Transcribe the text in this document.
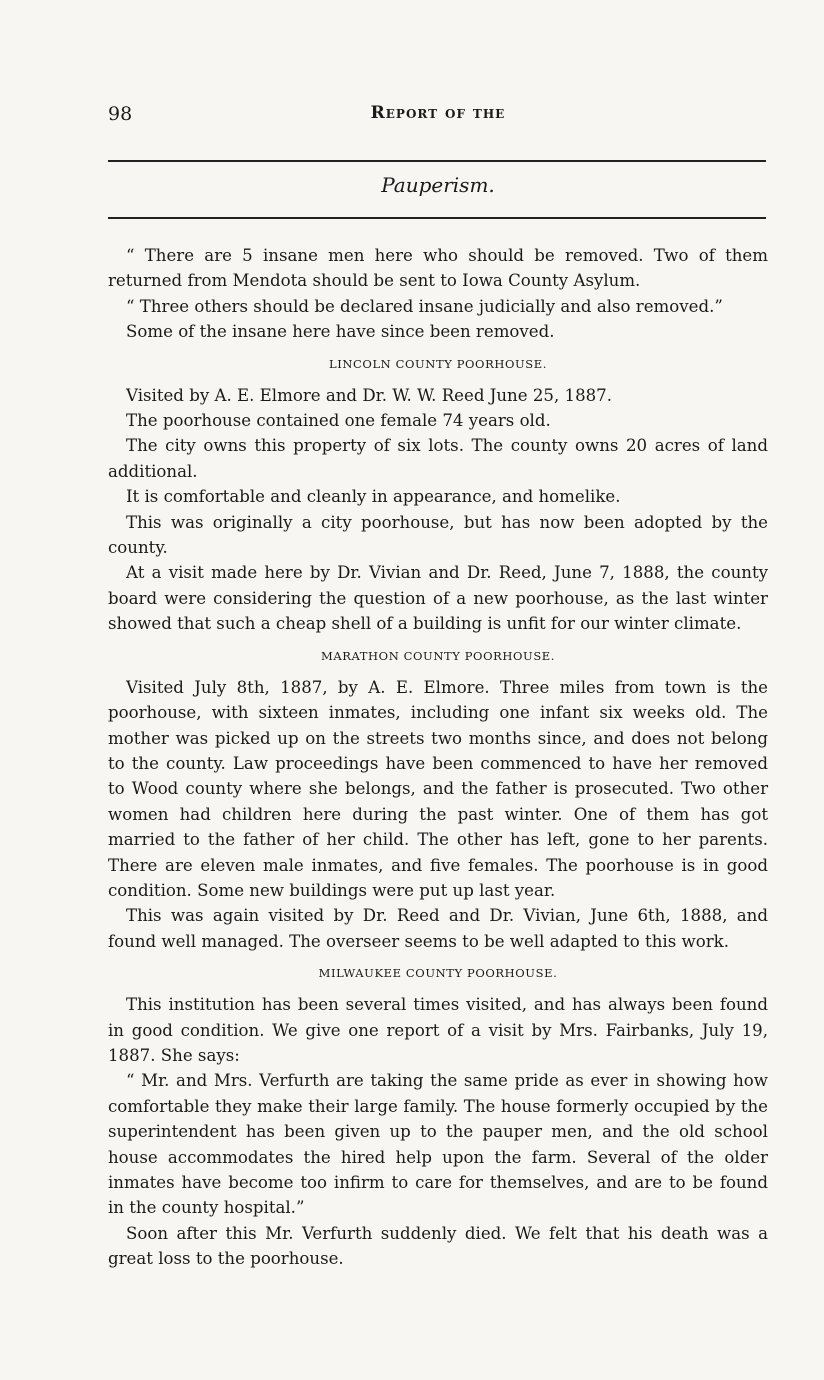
98	Report of the
Pauperism.

“ There are 5 insane men here who should be removed. Two of them returned from Mendota should be sent to Iowa County Asylum.

“ Three others should be declared insane judicially and also removed.”

Some of the insane here have since been removed.

LINCOLN COUNTY POORHOUSE.

Visited by A. E. Elmore and Dr. W. W. Reed June 25, 1887.

The poorhouse contained one female 74 years old.

The city owns this property of six lots. The county owns 20 acres of land additional.

It is comfortable and cleanly in appearance, and homelike.

This was originally a city poorhouse, but has now been adopted by the county.

At a visit made here by Dr. Vivian and Dr. Reed, June 7, 1888, the county board were considering the question of a new poorhouse, as the last winter showed that such a cheap shell of a building is unfit for our winter climate.

MARATHON COUNTY POORHOUSE.

Visited July 8th, 1887, by A. E. Elmore. Three miles from town is the poorhouse, with sixteen inmates, including one infant six weeks old. The mother was picked up on the streets two months since, and does not belong to the county. Law proceedings have been commenced to have her removed to Wood county where she belongs, and the father is prosecuted. Two other women had children here during the past winter. One of them has got married to the father of her child. The other has left, gone to her parents. There are eleven male inmates, and five females. The poorhouse is in good condition. Some new buildings were put up last year.

This was again visited by Dr. Reed and Dr. Vivian, June 6th, 1888, and found well managed. The overseer seems to be well adapted to this work.

MILWAUKEE COUNTY POORHOUSE.

This institution has been several times visited, and has always been found in good condition. We give one report of a visit by Mrs. Fairbanks, July 19, 1887. She says:

“ Mr. and Mrs. Verfurth are taking the same pride as ever in showing how comfortable they make their large family. The house formerly occupied by the superintendent has been given up to the pauper men, and the old school house accommodates the hired help upon the farm. Several of the older inmates have become too infirm to care for themselves, and are to be found in the county hospital.”

Soon after this Mr. Verfurth suddenly died. We felt that his death was a great loss to the poorhouse.
